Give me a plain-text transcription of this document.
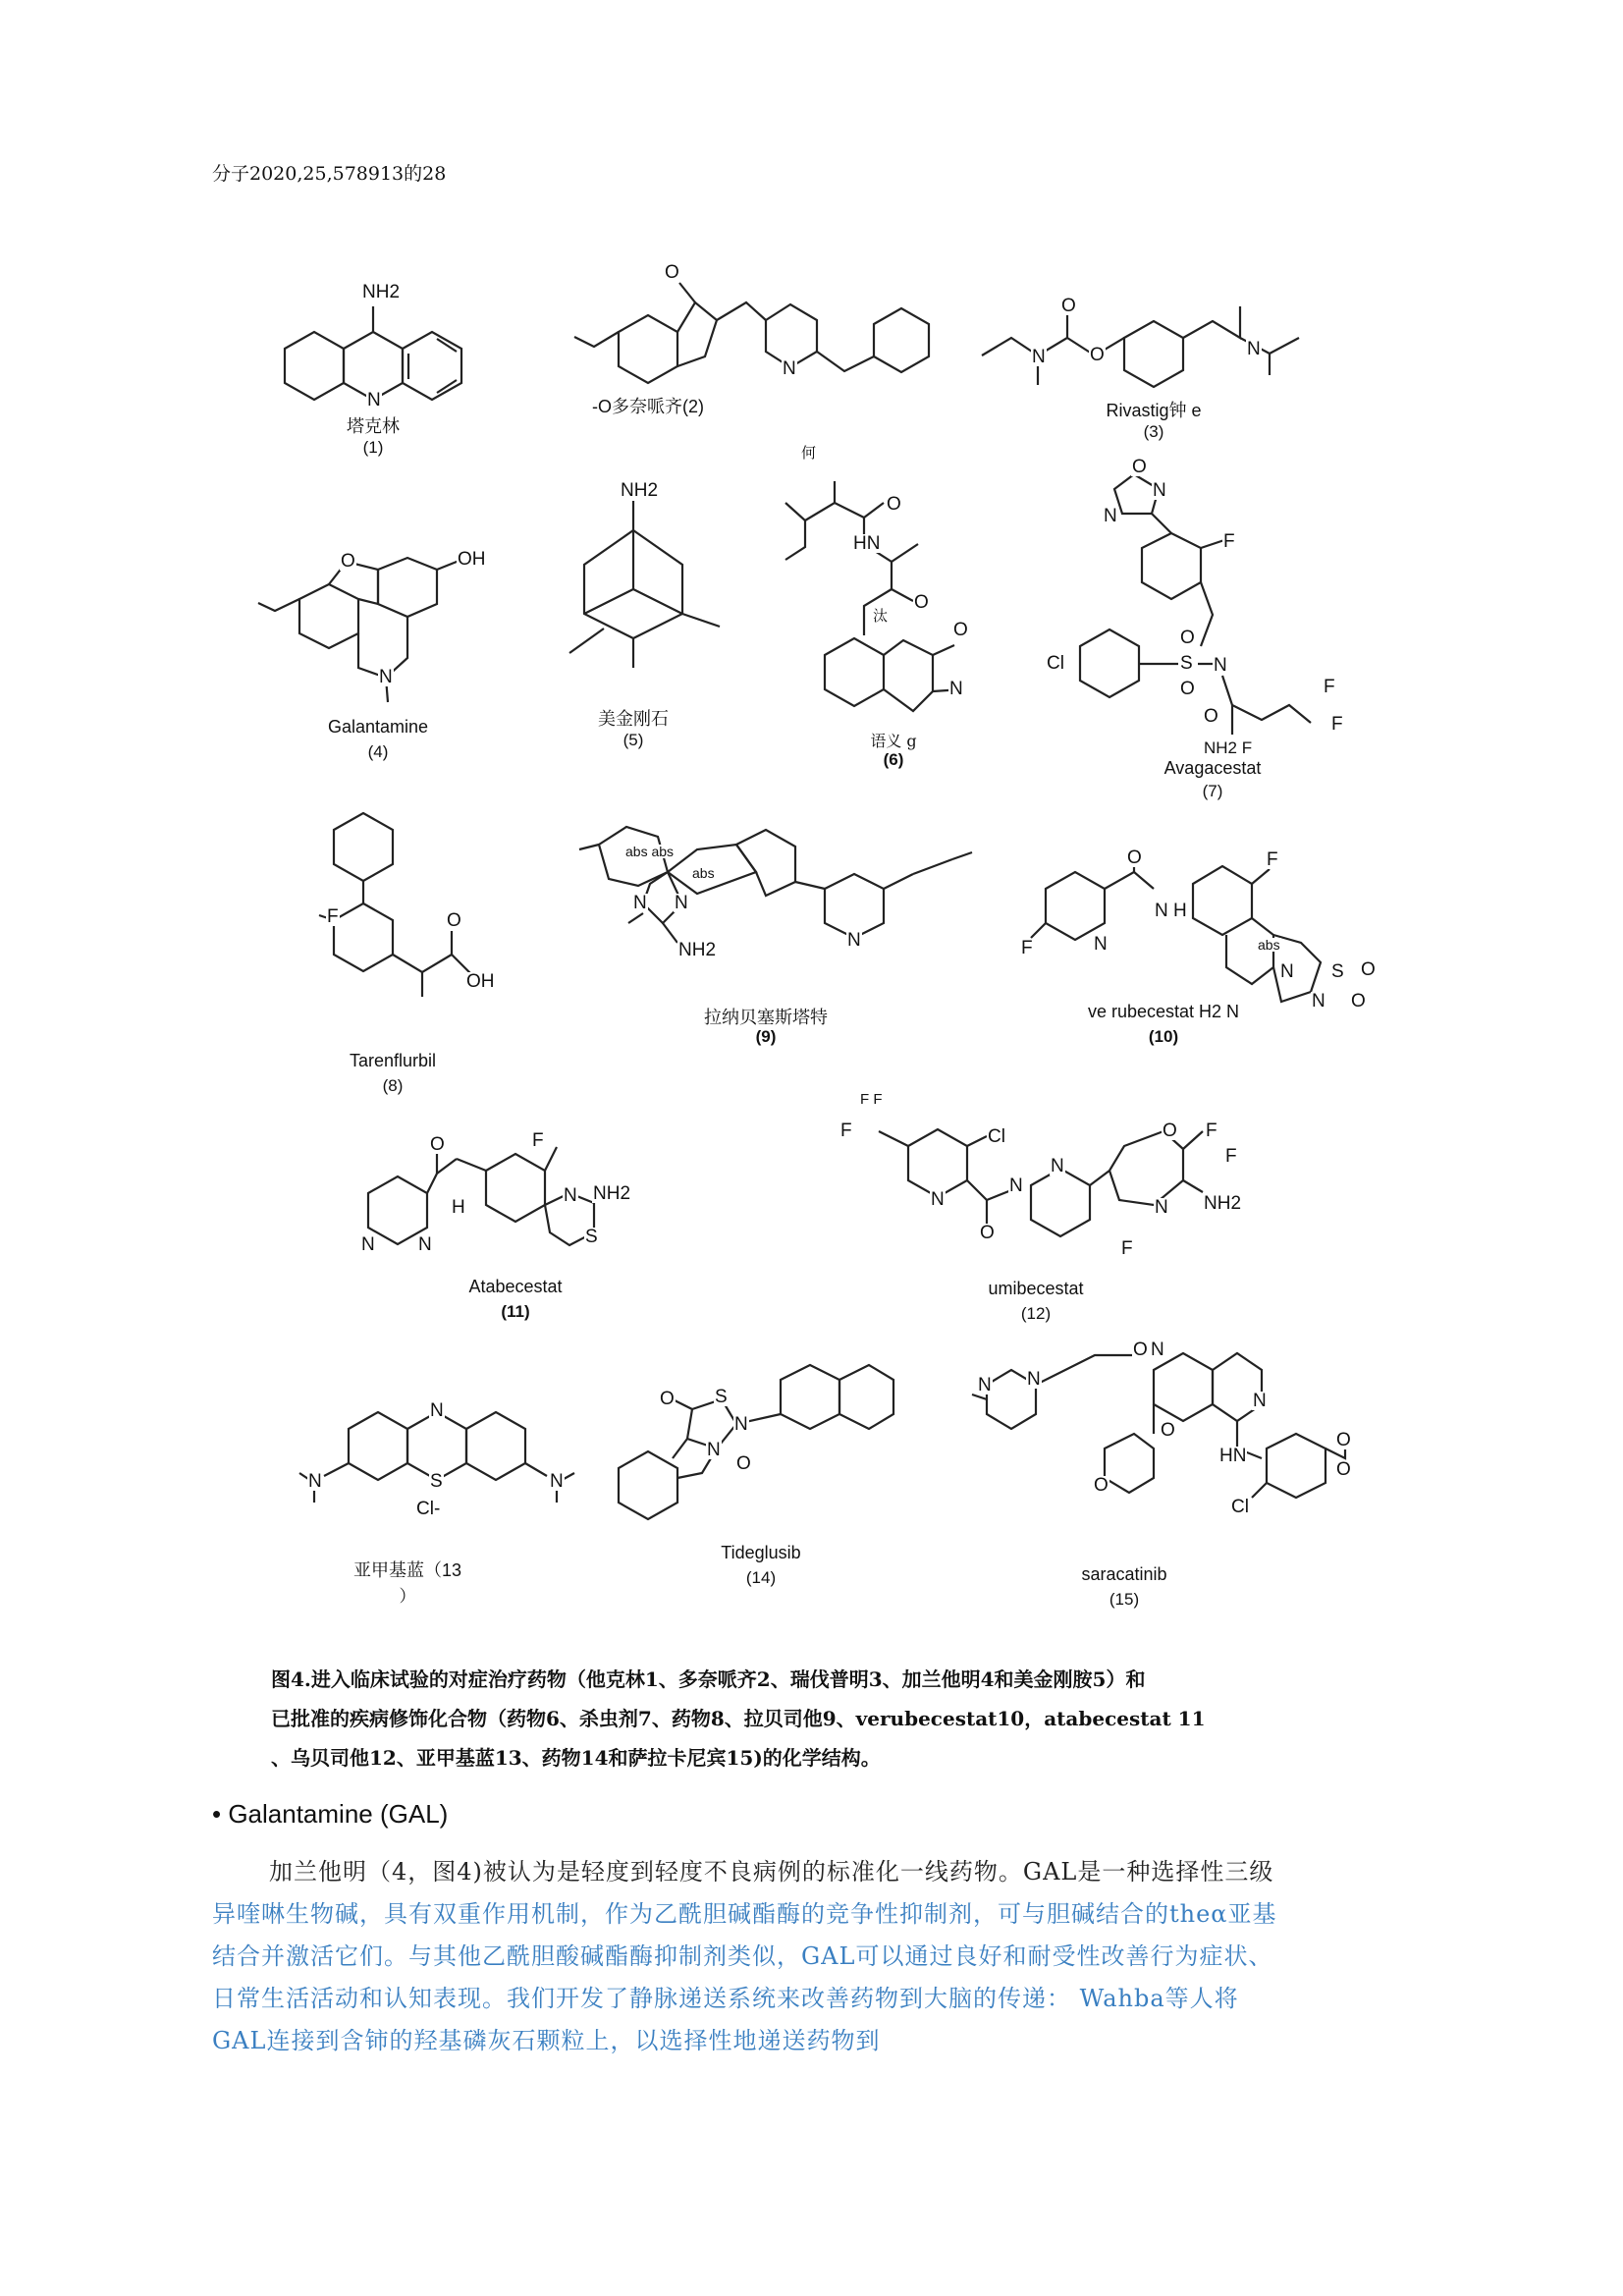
分子2020,25,578913的28
NH2
N
塔克林
(1)
O
N
-O多奈哌齐(2)
N
O
O	N
Rivastig钟 e
(3)
OH
O
N
Galantamine
(4)
NH2
美金刚石
(5)
何
O
HN
O
汰
O
N
语义 g
(6)
O
N
N
F
Cl	S
O
O
N
F
F
O
NH2 F
Avagacestat
(7)
F	O
OH
Tarenflurbil
(8)
abs abs
abs
N
N
NH2	N
拉纳贝塞斯塔特
(9)
O	F
F	N
N H
abs
N
N
S O
O
ve rubecestat H2 N
(10)
F
O
N NH2
H
N N	S
Atabecestat
(11)
F F
F	Cl	O F
F
N
N
N
N NH2
F
O
umibecestat
(12)
N
N	N
S
Cl-
亚甲基蓝（13
）
S
N
O
N
O
Tideglusib
(14)
N N
O N
N
O
HN
O
O
O
Cl
saracatinib
(15)
图4.进入临床试验的对症治疗药物（他克林1、多奈哌齐2、瑞伐普明3、加兰他明4和美金刚胺5）和
已批准的疾病修饰化合物（药物6、杀虫剂7、药物8、拉贝司他9、verubecestat10，atabecestat 11
、乌贝司他12、亚甲基蓝13、药物14和萨拉卡尼宾15)的化学结构。
• Galantamine (GAL)
加兰他明（4，图4)被认为是轻度到轻度不良病例的标准化一线药物。GAL是一种选择性三级
异喹啉生物碱，具有双重作用机制，作为乙酰胆碱酯酶的竞争性抑制剂，可与胆碱结合的theα亚基
结合并激活它们。与其他乙酰胆酸碱酯酶抑制剂类似，GAL可以通过良好和耐受性改善行为症状、
日常生活活动和认知表现。我们开发了静脉递送系统来改善药物到大脑的传递： Wahba等人将
GAL连接到含铈的羟基磷灰石颗粒上，以选择性地递送药物到
